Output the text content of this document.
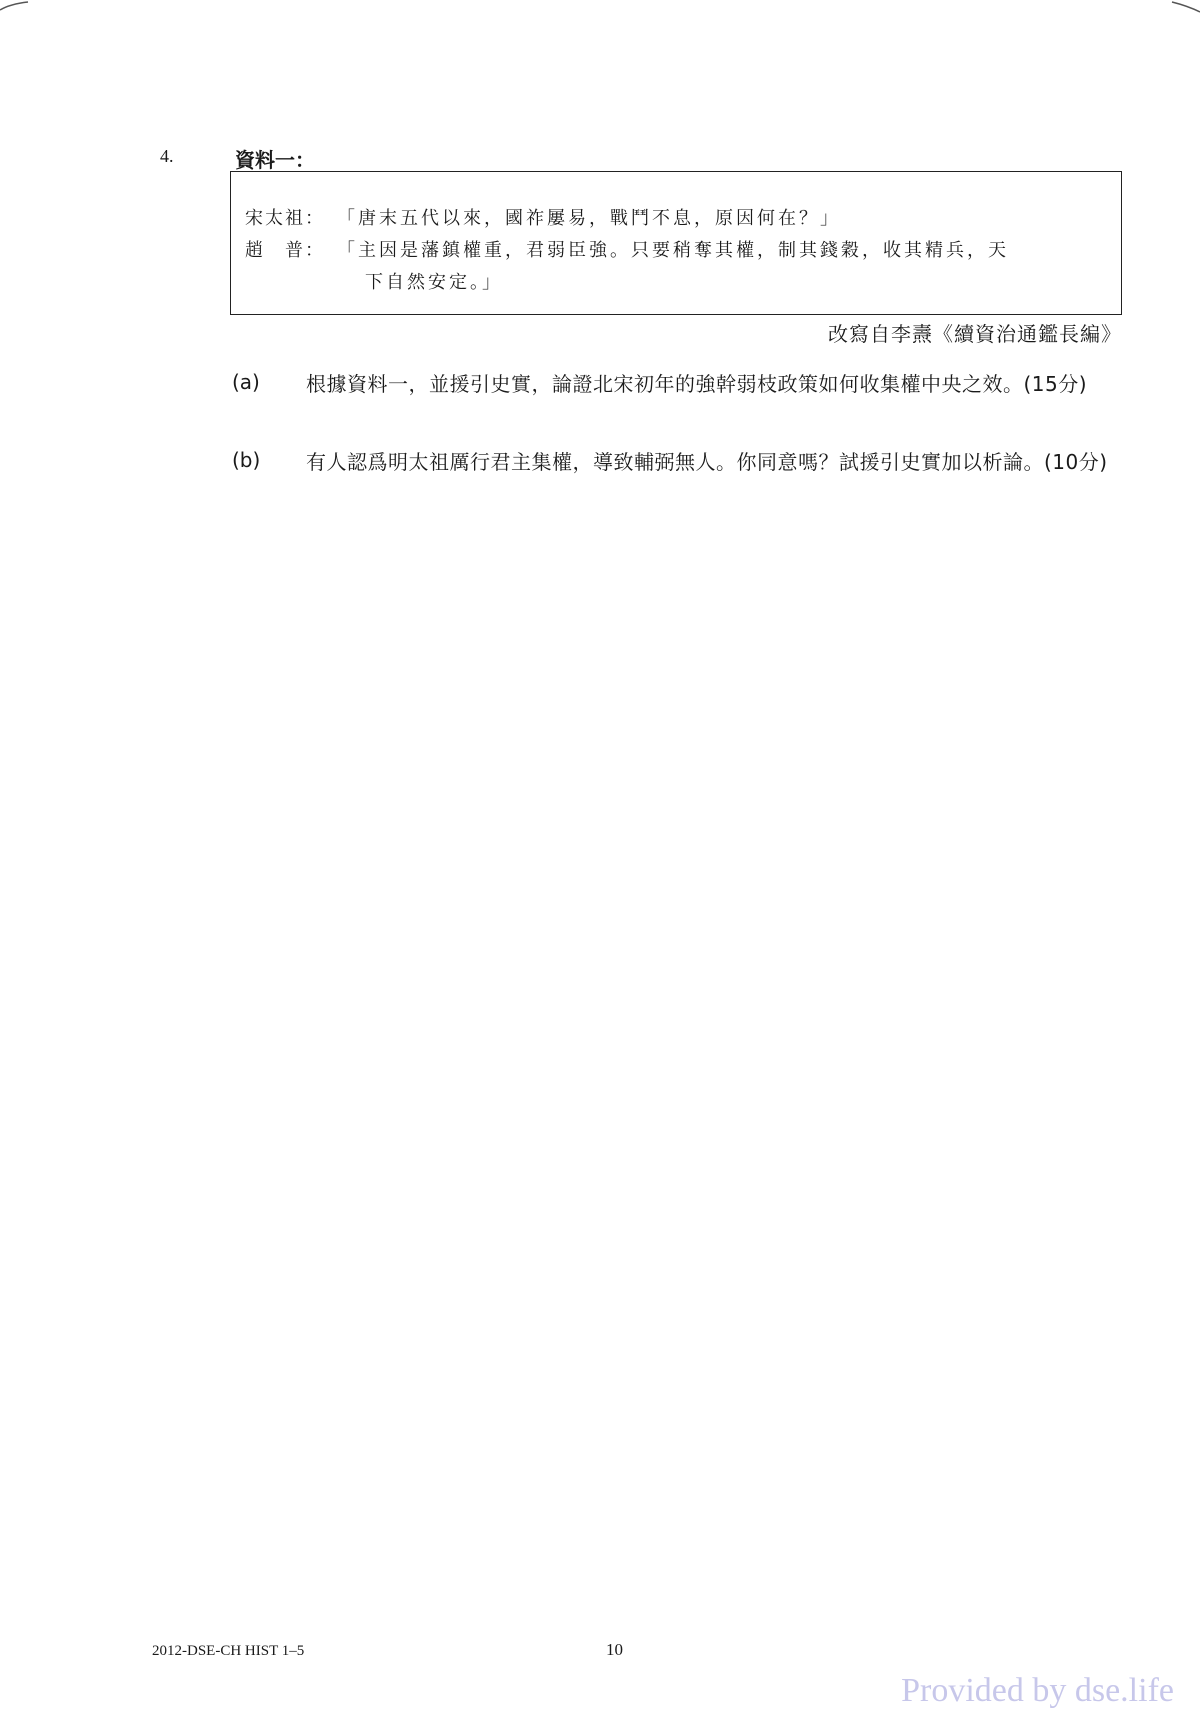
4.	資料一：
宋太祖： 「唐末五代以來，國祚屢易，戰鬥不息，原因何在？」
趙　普： 「主因是藩鎮權重，君弱臣強。只要稍奪其權，制其錢穀，收其精兵，天
下自然安定。」
改寫自李燾《續資治通鑑長編》
(a) 根據資料一，並援引史實，論證北宋初年的強幹弱枝政策如何收集權中央之效。(15分)
(b) 有人認爲明太祖厲行君主集權，導致輔弼無人。你同意嗎？試援引史實加以析論。(10分)
2012-DSE-CH HIST 1–5	10
Provided by dse.life
